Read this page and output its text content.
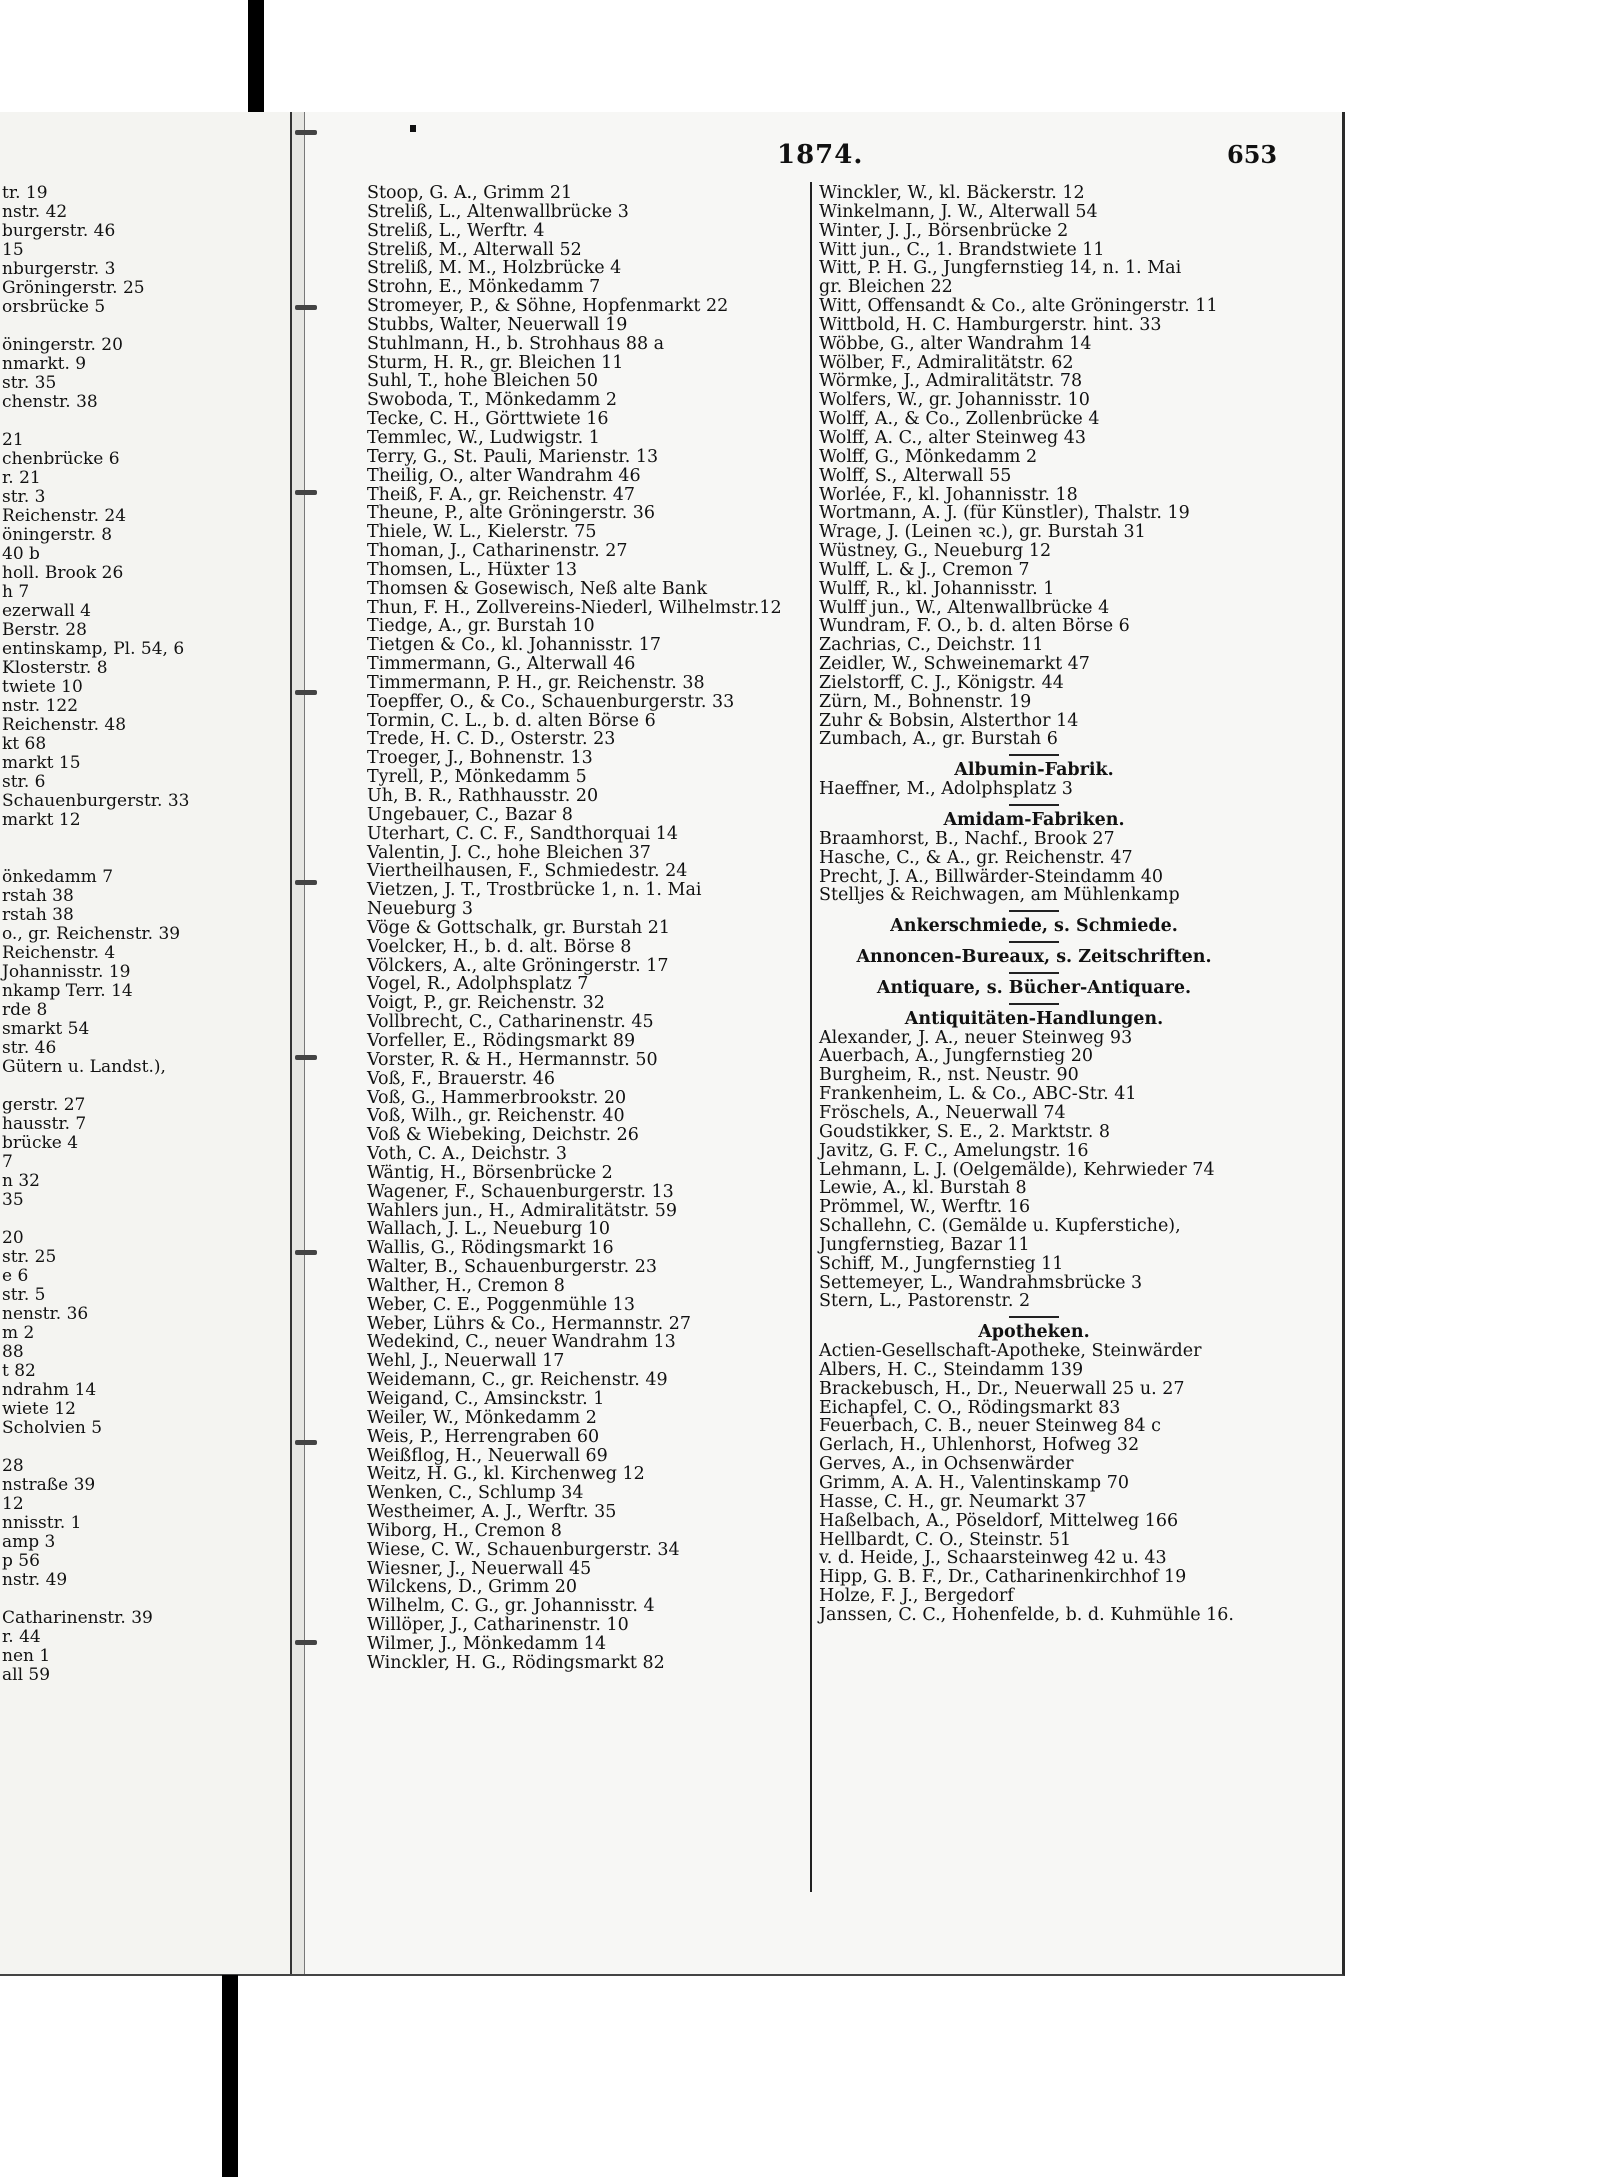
tr. 19
nstr. 42
burgerstr. 46
15
nburgerstr. 3
Gröningerstr. 25
orsbrücke 5
öningerstr. 20
nmarkt. 9
str. 35
chenstr. 38
21
chenbrücke 6
r. 21
str. 3
Reichenstr. 24
öningerstr. 8
40 b
holl. Brook 26
h 7
ezerwall 4
Berstr. 28
entinskamp, Pl. 54, 6
Klosterstr. 8
twiete 10
nstr. 122
Reichenstr. 48
kt 68
markt 15
str. 6
Schauenburgerstr. 33
markt 12
önkedamm 7
rstah 38
rstah 38
o., gr. Reichenstr. 39
Reichenstr. 4
Johannisstr. 19
nkamp Terr. 14
rde 8
smarkt 54
str. 46
Gütern u. Landst.),
gerstr. 27
hausstr. 7
brücke 4
7
n 32
35
20
str. 25
e 6
str. 5
nenstr. 36
m 2
88
t 82
ndrahm 14
wiete 12
Scholvien 5
28
nstraße 39
12
nnisstr. 1
amp 3
p 56
nstr. 49
Catharinenstr. 39
r. 44
nen 1
all 59
1874.	653
Stoop, G. A., Grimm 21
Streliß, L., Altenwallbrücke 3
Streliß, L., Werftr. 4
Streliß, M., Alterwall 52
Streliß, M. M., Holzbrücke 4
Strohn, E., Mönkedamm 7
Stromeyer, P., & Söhne, Hopfenmarkt 22
Stubbs, Walter, Neuerwall 19
Stuhlmann, H., b. Strohhaus 88 a
Sturm, H. R., gr. Bleichen 11
Suhl, T., hohe Bleichen 50
Swoboda, T., Mönkedamm 2
Tecke, C. H., Görttwiete 16
Temmlec, W., Ludwigstr. 1
Terry, G., St. Pauli, Marienstr. 13
Theilig, O., alter Wandrahm 46
Theiß, F. A., gr. Reichenstr. 47
Theune, P., alte Gröningerstr. 36
Thiele, W. L., Kielerstr. 75
Thoman, J., Catharinenstr. 27
Thomsen, L., Hüxter 13
Thomsen & Gosewisch, Neß alte Bank
Thun, F. H., Zollvereins-Niederl, Wilhelmstr.12
Tiedge, A., gr. Burstah 10
Tietgen & Co., kl. Johannisstr. 17
Timmermann, G., Alterwall 46
Timmermann, P. H., gr. Reichenstr. 38
Toepffer, O., & Co., Schauenburgerstr. 33
Tormin, C. L., b. d. alten Börse 6
Trede, H. C. D., Osterstr. 23
Troeger, J., Bohnenstr. 13
Tyrell, P., Mönkedamm 5
Uh, B. R., Rathhausstr. 20
Ungebauer, C., Bazar 8
Uterhart, C. C. F., Sandthorquai 14
Valentin, J. C., hohe Bleichen 37
Viertheilhausen, F., Schmiedestr. 24
Vietzen, J. T., Trostbrücke 1, n. 1. Mai
Neueburg 3
Vöge & Gottschalk, gr. Burstah 21
Voelcker, H., b. d. alt. Börse 8
Völckers, A., alte Gröningerstr. 17
Vogel, R., Adolphsplatz 7
Voigt, P., gr. Reichenstr. 32
Vollbrecht, C., Catharinenstr. 45
Vorfeller, E., Rödingsmarkt 89
Vorster, R. & H., Hermannstr. 50
Voß, F., Brauerstr. 46
Voß, G., Hammerbrookstr. 20
Voß, Wilh., gr. Reichenstr. 40
Voß & Wiebeking, Deichstr. 26
Voth, C. A., Deichstr. 3
Wäntig, H., Börsenbrücke 2
Wagener, F., Schauenburgerstr. 13
Wahlers jun., H., Admiralitätstr. 59
Wallach, J. L., Neueburg 10
Wallis, G., Rödingsmarkt 16
Walter, B., Schauenburgerstr. 23
Walther, H., Cremon 8
Weber, C. E., Poggenmühle 13
Weber, Lührs & Co., Hermannstr. 27
Wedekind, C., neuer Wandrahm 13
Wehl, J., Neuerwall 17
Weidemann, C., gr. Reichenstr. 49
Weigand, C., Amsinckstr. 1
Weiler, W., Mönkedamm 2
Weis, P., Herrengraben 60
Weißflog, H., Neuerwall 69
Weitz, H. G., kl. Kirchenweg 12
Wenken, C., Schlump 34
Westheimer, A. J., Werftr. 35
Wiborg, H., Cremon 8
Wiese, C. W., Schauenburgerstr. 34
Wiesner, J., Neuerwall 45
Wilckens, D., Grimm 20
Wilhelm, C. G., gr. Johannisstr. 4
Willöper, J., Catharinenstr. 10
Wilmer, J., Mönkedamm 14
Winckler, H. G., Rödingsmarkt 82
Winckler, W., kl. Bäckerstr. 12
Winkelmann, J. W., Alterwall 54
Winter, J. J., Börsenbrücke 2
Witt jun., C., 1. Brandstwiete 11
Witt, P. H. G., Jungfernstieg 14, n. 1. Mai
gr. Bleichen 22
Witt, Offensandt & Co., alte Gröningerstr. 11
Wittbold, H. C. Hamburgerstr. hint. 33
Wöbbe, G., alter Wandrahm 14
Wölber, F., Admiralitätstr. 62
Wörmke, J., Admiralitätstr. 78
Wolfers, W., gr. Johannisstr. 10
Wolff, A., & Co., Zollenbrücke 4
Wolff, A. C., alter Steinweg 43
Wolff, G., Mönkedamm 2
Wolff, S., Alterwall 55
Worlée, F., kl. Johannisstr. 18
Wortmann, A. J. (für Künstler), Thalstr. 19
Wrage, J. (Leinen ꝛc.), gr. Burstah 31
Wüstney, G., Neueburg 12
Wulff, L. & J., Cremon 7
Wulff, R., kl. Johannisstr. 1
Wulff jun., W., Altenwallbrücke 4
Wundram, F. O., b. d. alten Börse 6
Zachrias, C., Deichstr. 11
Zeidler, W., Schweinemarkt 47
Zielstorff, C. J., Königstr. 44
Zürn, M., Bohnenstr. 19
Zuhr & Bobsin, Alsterthor 14
Zumbach, A., gr. Burstah 6
Albumin-Fabrik.
Haeffner, M., Adolphsplatz 3
Amidam-Fabriken.
Braamhorst, B., Nachf., Brook 27
Hasche, C., & A., gr. Reichenstr. 47
Precht, J. A., Billwärder-Steindamm 40
Stelljes & Reichwagen, am Mühlenkamp
Ankerschmiede, s. Schmiede.
Annoncen-Bureaux, s. Zeitschriften.
Antiquare, s. Bücher-Antiquare.
Antiquitäten-Handlungen.
Alexander, J. A., neuer Steinweg 93
Auerbach, A., Jungfernstieg 20
Burgheim, R., nst. Neustr. 90
Frankenheim, L. & Co., ABC-Str. 41
Fröschels, A., Neuerwall 74
Goudstikker, S. E., 2. Marktstr. 8
Javitz, G. F. C., Amelungstr. 16
Lehmann, L. J. (Oelgemälde), Kehrwieder 74
Lewie, A., kl. Burstah 8
Prömmel, W., Werftr. 16
Schallehn, C. (Gemälde u. Kupferstiche),
Jungfernstieg, Bazar 11
Schiff, M., Jungfernstieg 11
Settemeyer, L., Wandrahmsbrücke 3
Stern, L., Pastorenstr. 2
Apotheken.
Actien-Gesellschaft-Apotheke, Steinwärder
Albers, H. C., Steindamm 139
Brackebusch, H., Dr., Neuerwall 25 u. 27
Eichapfel, C. O., Rödingsmarkt 83
Feuerbach, C. B., neuer Steinweg 84 c
Gerlach, H., Uhlenhorst, Hofweg 32
Gerves, A., in Ochsenwärder
Grimm, A. A. H., Valentinskamp 70
Hasse, C. H., gr. Neumarkt 37
Haßelbach, A., Pöseldorf, Mittelweg 166
Hellbardt, C. O., Steinstr. 51
v. d. Heide, J., Schaarsteinweg 42 u. 43
Hipp, G. B. F., Dr., Catharinenkirchhof 19
Holze, F. J., Bergedorf
Janssen, C. C., Hohenfelde, b. d. Kuhmühle 16.
